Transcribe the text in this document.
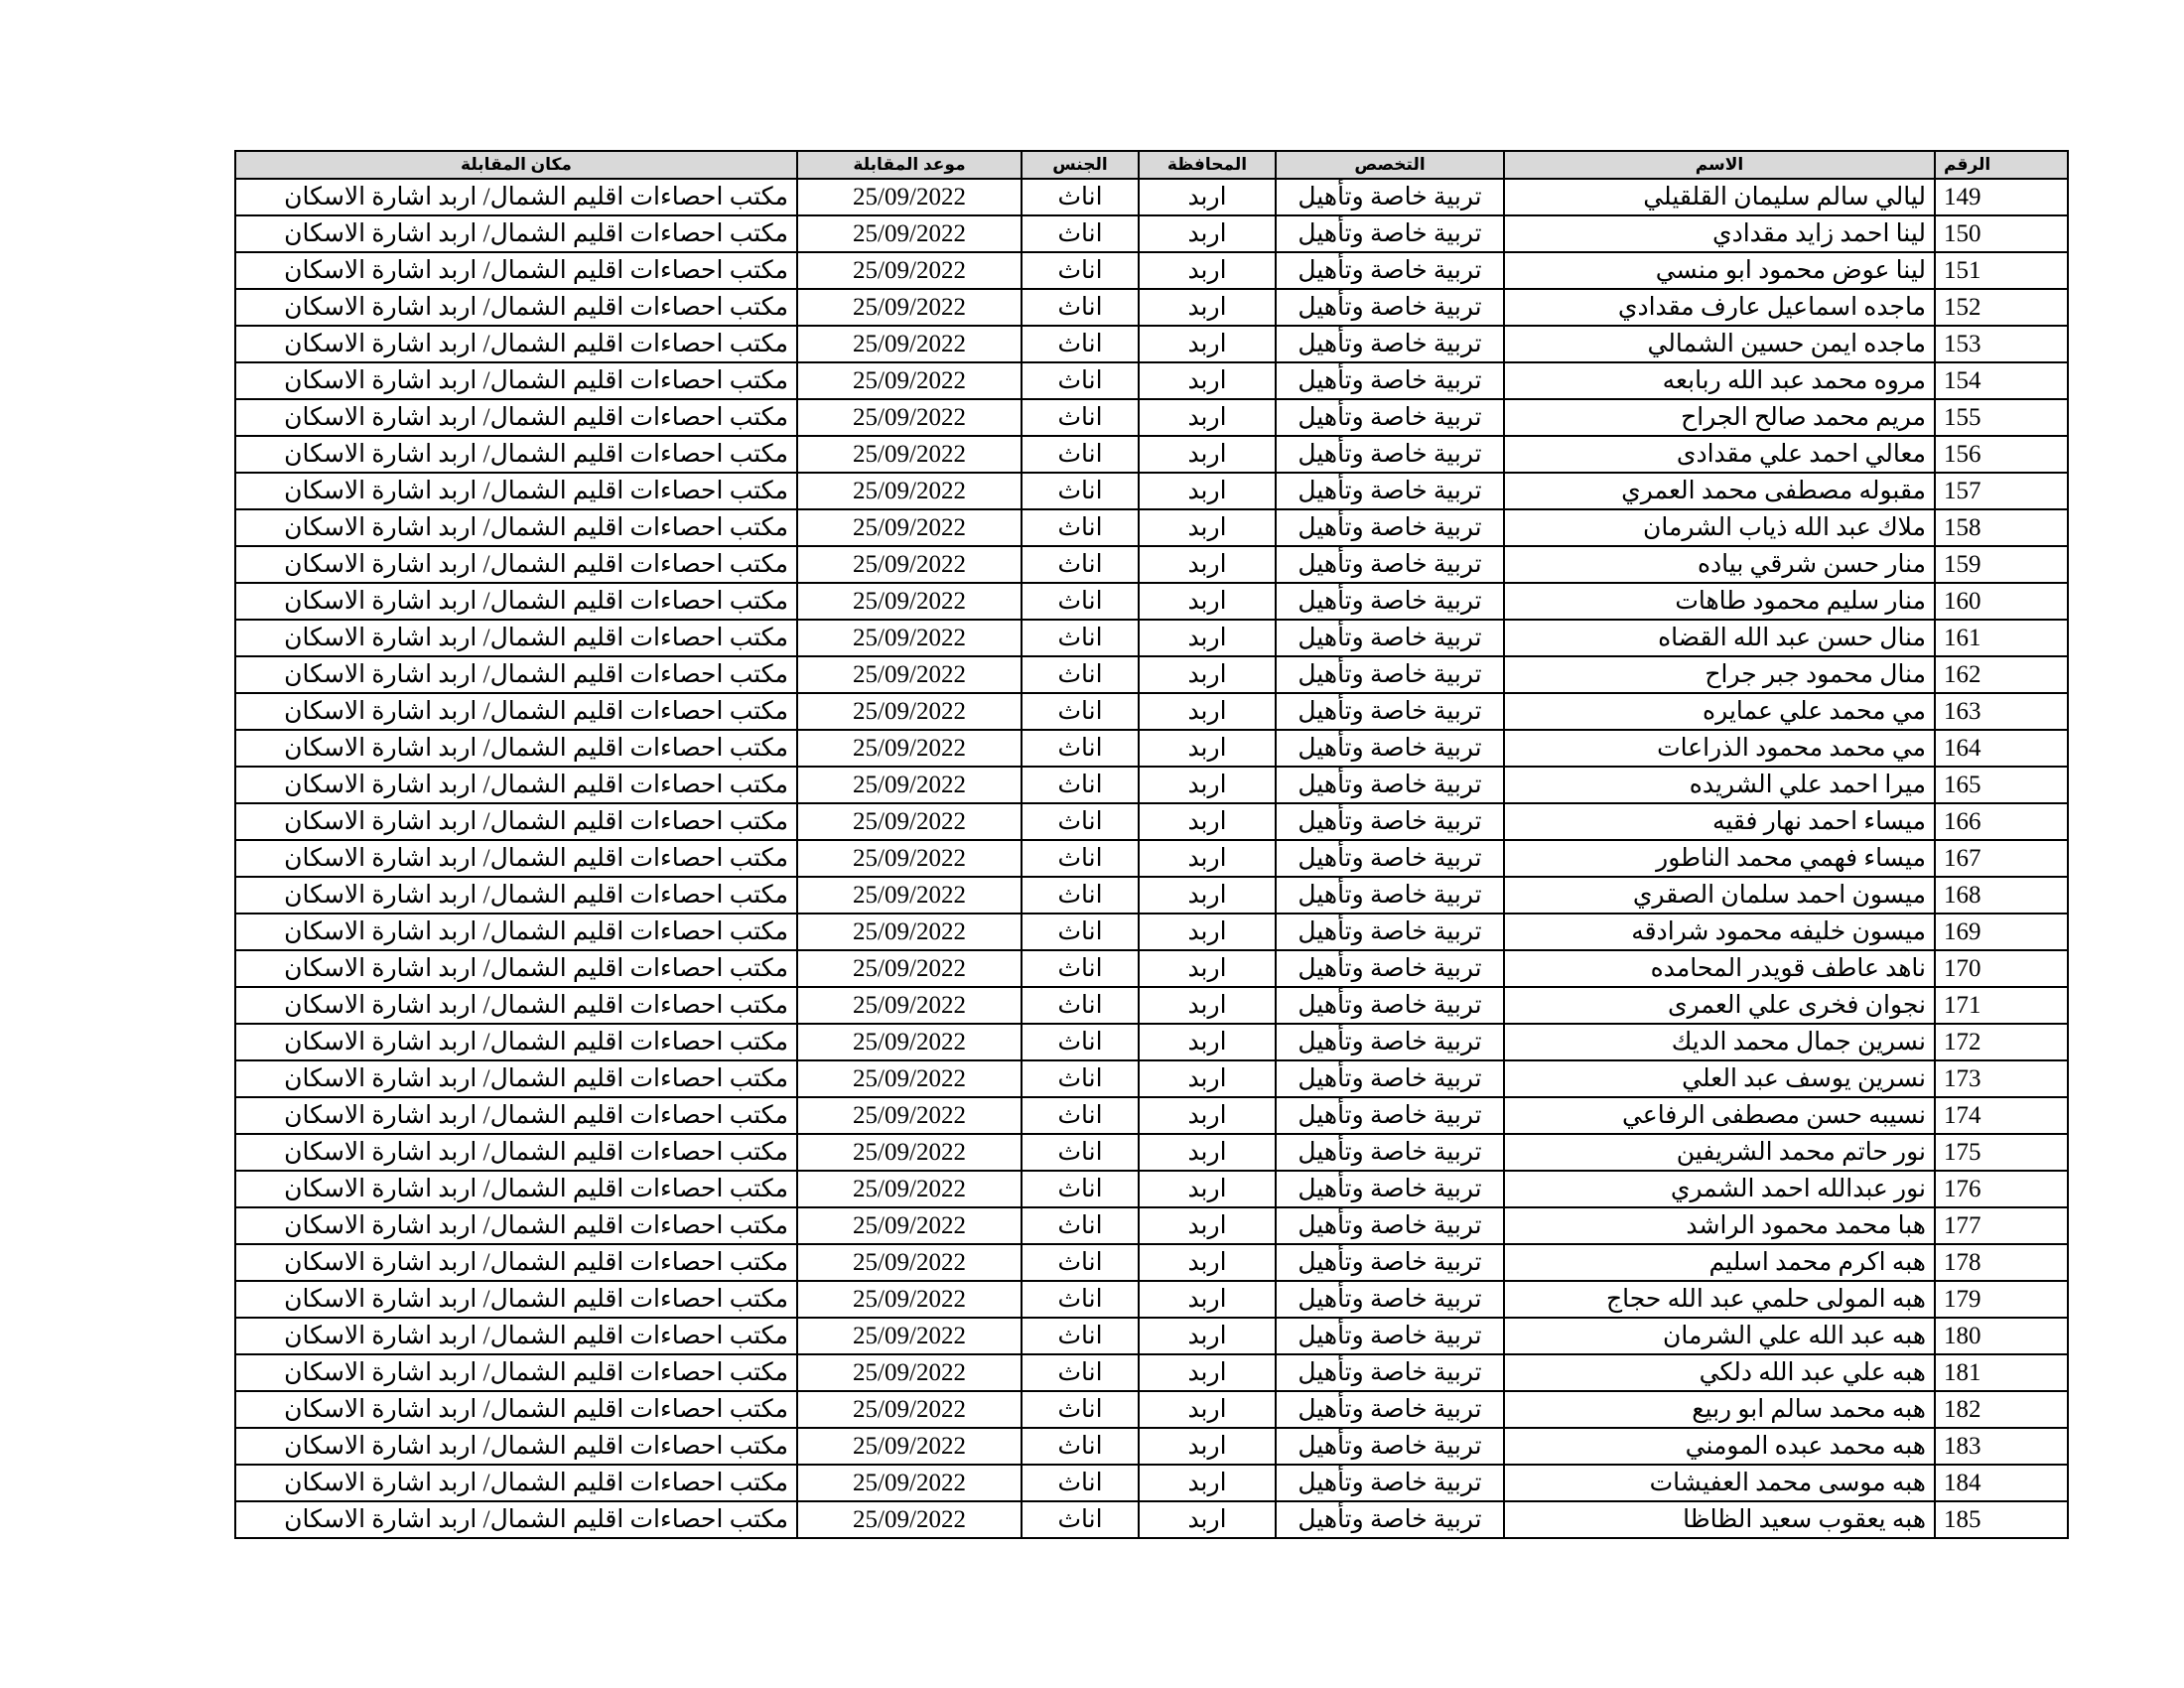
الرقم	الاسم	التخصص	المحافظة	الجنس	موعد المقابلة	مكان المقابلة
149	ليالي سالم سليمان القلقيلي	تربية خاصة وتأهيل	اربد	اناث	25/09/2022	مكتب احصاءات اقليم الشمال/ اربد اشارة الاسكان
150	لينا احمد زايد مقدادي	تربية خاصة وتأهيل	اربد	اناث	25/09/2022	مكتب احصاءات اقليم الشمال/ اربد اشارة الاسكان
151	لينا عوض محمود ابو منسي	تربية خاصة وتأهيل	اربد	اناث	25/09/2022	مكتب احصاءات اقليم الشمال/ اربد اشارة الاسكان
152	ماجده اسماعيل عارف مقدادي	تربية خاصة وتأهيل	اربد	اناث	25/09/2022	مكتب احصاءات اقليم الشمال/ اربد اشارة الاسكان
153	ماجده ايمن حسين الشمالي	تربية خاصة وتأهيل	اربد	اناث	25/09/2022	مكتب احصاءات اقليم الشمال/ اربد اشارة الاسكان
154	مروه محمد عبد الله ربابعه	تربية خاصة وتأهيل	اربد	اناث	25/09/2022	مكتب احصاءات اقليم الشمال/ اربد اشارة الاسكان
155	مريم محمد صالح الجراح	تربية خاصة وتأهيل	اربد	اناث	25/09/2022	مكتب احصاءات اقليم الشمال/ اربد اشارة الاسكان
156	معالي احمد علي مقدادى	تربية خاصة وتأهيل	اربد	اناث	25/09/2022	مكتب احصاءات اقليم الشمال/ اربد اشارة الاسكان
157	مقبوله مصطفى محمد العمري	تربية خاصة وتأهيل	اربد	اناث	25/09/2022	مكتب احصاءات اقليم الشمال/ اربد اشارة الاسكان
158	ملاك عبد الله ذياب الشرمان	تربية خاصة وتأهيل	اربد	اناث	25/09/2022	مكتب احصاءات اقليم الشمال/ اربد اشارة الاسكان
159	منار حسن شرقي بياده	تربية خاصة وتأهيل	اربد	اناث	25/09/2022	مكتب احصاءات اقليم الشمال/ اربد اشارة الاسكان
160	منار سليم محمود طاهات	تربية خاصة وتأهيل	اربد	اناث	25/09/2022	مكتب احصاءات اقليم الشمال/ اربد اشارة الاسكان
161	منال حسن عبد الله القضاه	تربية خاصة وتأهيل	اربد	اناث	25/09/2022	مكتب احصاءات اقليم الشمال/ اربد اشارة الاسكان
162	منال محمود جبر جراح	تربية خاصة وتأهيل	اربد	اناث	25/09/2022	مكتب احصاءات اقليم الشمال/ اربد اشارة الاسكان
163	مي محمد علي عمايره	تربية خاصة وتأهيل	اربد	اناث	25/09/2022	مكتب احصاءات اقليم الشمال/ اربد اشارة الاسكان
164	مي محمد محمود الذراعات	تربية خاصة وتأهيل	اربد	اناث	25/09/2022	مكتب احصاءات اقليم الشمال/ اربد اشارة الاسكان
165	ميرا احمد علي الشريده	تربية خاصة وتأهيل	اربد	اناث	25/09/2022	مكتب احصاءات اقليم الشمال/ اربد اشارة الاسكان
166	ميساء احمد نهار فقيه	تربية خاصة وتأهيل	اربد	اناث	25/09/2022	مكتب احصاءات اقليم الشمال/ اربد اشارة الاسكان
167	ميساء فهمي محمد الناطور	تربية خاصة وتأهيل	اربد	اناث	25/09/2022	مكتب احصاءات اقليم الشمال/ اربد اشارة الاسكان
168	ميسون احمد سلمان الصقري	تربية خاصة وتأهيل	اربد	اناث	25/09/2022	مكتب احصاءات اقليم الشمال/ اربد اشارة الاسكان
169	ميسون خليفه محمود شرادقه	تربية خاصة وتأهيل	اربد	اناث	25/09/2022	مكتب احصاءات اقليم الشمال/ اربد اشارة الاسكان
170	ناهد عاطف قويدر المحامده	تربية خاصة وتأهيل	اربد	اناث	25/09/2022	مكتب احصاءات اقليم الشمال/ اربد اشارة الاسكان
171	نجوان فخرى علي العمرى	تربية خاصة وتأهيل	اربد	اناث	25/09/2022	مكتب احصاءات اقليم الشمال/ اربد اشارة الاسكان
172	نسرين جمال محمد الديك	تربية خاصة وتأهيل	اربد	اناث	25/09/2022	مكتب احصاءات اقليم الشمال/ اربد اشارة الاسكان
173	نسرين يوسف عبد العلي	تربية خاصة وتأهيل	اربد	اناث	25/09/2022	مكتب احصاءات اقليم الشمال/ اربد اشارة الاسكان
174	نسيبه حسن مصطفى الرفاعي	تربية خاصة وتأهيل	اربد	اناث	25/09/2022	مكتب احصاءات اقليم الشمال/ اربد اشارة الاسكان
175	نور حاتم محمد الشريفين	تربية خاصة وتأهيل	اربد	اناث	25/09/2022	مكتب احصاءات اقليم الشمال/ اربد اشارة الاسكان
176	نور عبدالله احمد الشمري	تربية خاصة وتأهيل	اربد	اناث	25/09/2022	مكتب احصاءات اقليم الشمال/ اربد اشارة الاسكان
177	هبا محمد محمود الراشد	تربية خاصة وتأهيل	اربد	اناث	25/09/2022	مكتب احصاءات اقليم الشمال/ اربد اشارة الاسكان
178	هبه اكرم محمد اسليم	تربية خاصة وتأهيل	اربد	اناث	25/09/2022	مكتب احصاءات اقليم الشمال/ اربد اشارة الاسكان
179	هبه المولى حلمي عبد الله حجاج	تربية خاصة وتأهيل	اربد	اناث	25/09/2022	مكتب احصاءات اقليم الشمال/ اربد اشارة الاسكان
180	هبه عبد الله علي الشرمان	تربية خاصة وتأهيل	اربد	اناث	25/09/2022	مكتب احصاءات اقليم الشمال/ اربد اشارة الاسكان
181	هبه علي عبد الله دلكي	تربية خاصة وتأهيل	اربد	اناث	25/09/2022	مكتب احصاءات اقليم الشمال/ اربد اشارة الاسكان
182	هبه محمد سالم ابو ربيع	تربية خاصة وتأهيل	اربد	اناث	25/09/2022	مكتب احصاءات اقليم الشمال/ اربد اشارة الاسكان
183	هبه محمد عبده المومني	تربية خاصة وتأهيل	اربد	اناث	25/09/2022	مكتب احصاءات اقليم الشمال/ اربد اشارة الاسكان
184	هبه موسى محمد العفيشات	تربية خاصة وتأهيل	اربد	اناث	25/09/2022	مكتب احصاءات اقليم الشمال/ اربد اشارة الاسكان
185	هبه يعقوب سعيد الظاظا	تربية خاصة وتأهيل	اربد	اناث	25/09/2022	مكتب احصاءات اقليم الشمال/ اربد اشارة الاسكان
